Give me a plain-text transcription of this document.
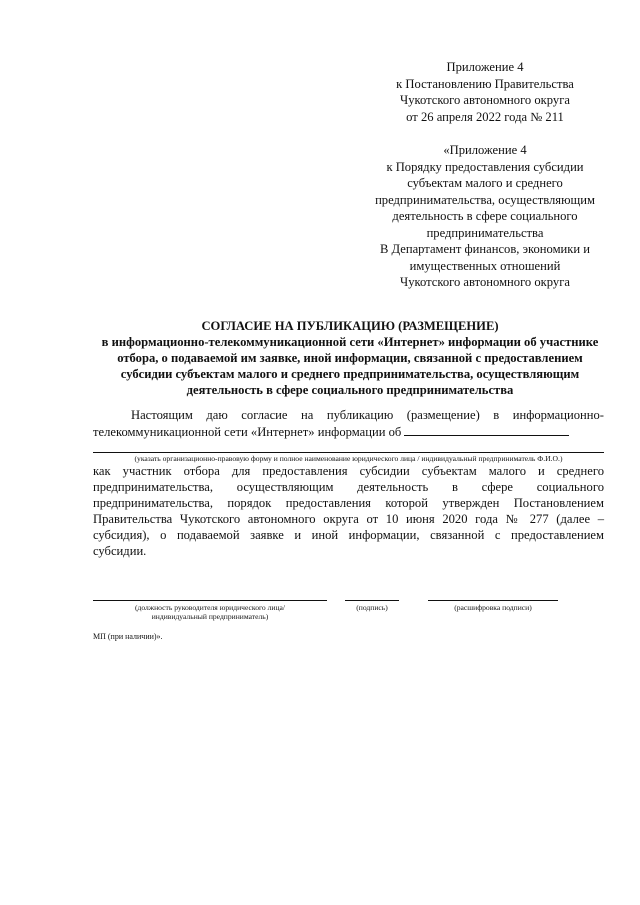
Приложение 4
к Постановлению Правительства
Чукотского автономного округа
от 26 апреля 2022 года № 211
«Приложение 4
к Порядку предоставления субсидии
субъектам малого и среднего
предпринимательства, осуществляющим
деятельность в сфере социального
предпринимательства
В Департамент финансов, экономики и
имущественных отношений
Чукотского автономного округа
СОГЛАСИЕ НА ПУБЛИКАЦИЮ (РАЗМЕЩЕНИЕ)
в информационно-телекоммуникационной сети «Интернет» информации об участнике
отбора, о подаваемой им заявке, иной информации, связанной с предоставлением
субсидии субъектам малого и среднего предпринимательства, осуществляющим
деятельность в сфере социального предпринимательства
Настоящим даю согласие на публикацию (размещение) в информационно-
телекоммуникационной сети «Интернет» информации об
(указать организационно-правовую форму и полное наименование юридического лица / индивидуальный предприниматель Ф.И.О.)
как участник отбора для предоставления субсидии субъектам малого и среднего
предпринимательства, осуществляющим деятельность в сфере социального
предпринимательства, порядок предоставления которой утвержден Постановлением
Правительства Чукотского автономного округа от 10 июня 2020 года № 277 (далее –
субсидия), о подаваемой заявке и иной информации, связанной с предоставлением
субсидии.
(должность руководителя юридического лица/
индивидуальный предприниматель)
(подпись)	(расшифровка подписи)
МП (при наличии)».
